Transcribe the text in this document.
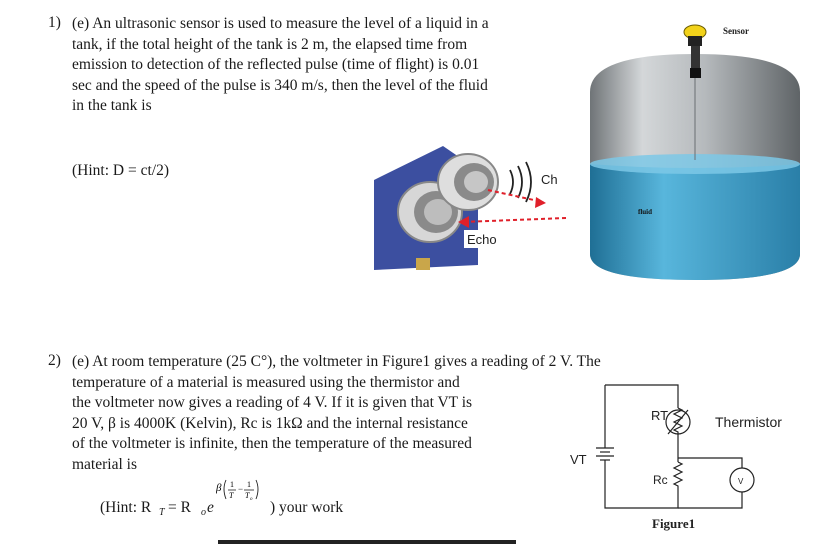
1) (e) An ultrasonic sensor is used to measure the level of a liquid in a
tank, if the total height of the tank is 2 m, the elapsed time from
emission to detection of the reflected pulse (time of flight) is 0.01
sec and the speed of the pulse is 340 m/s, then the level of the fluid
in the tank is
(Hint: D = ct/2)
Ch
Echo
Sensor
fluid
2) (e) At room temperature (25 C°), the voltmeter in Figure1 gives a reading of 2 V. The
temperature of a material is measured using the thermistor and
the voltmeter now gives a reading of 4 V. If it is given that VT is
20 V, β is 4000K (Kelvin), Rc is 1kΩ and the internal resistance
of the voltmeter is infinite, then the temperature of the measured
material is
(Hint: R T = R o e
β 1
T
− 1
T o ) your work
RT
Rc
VT
Thermistor
V
Figure1
